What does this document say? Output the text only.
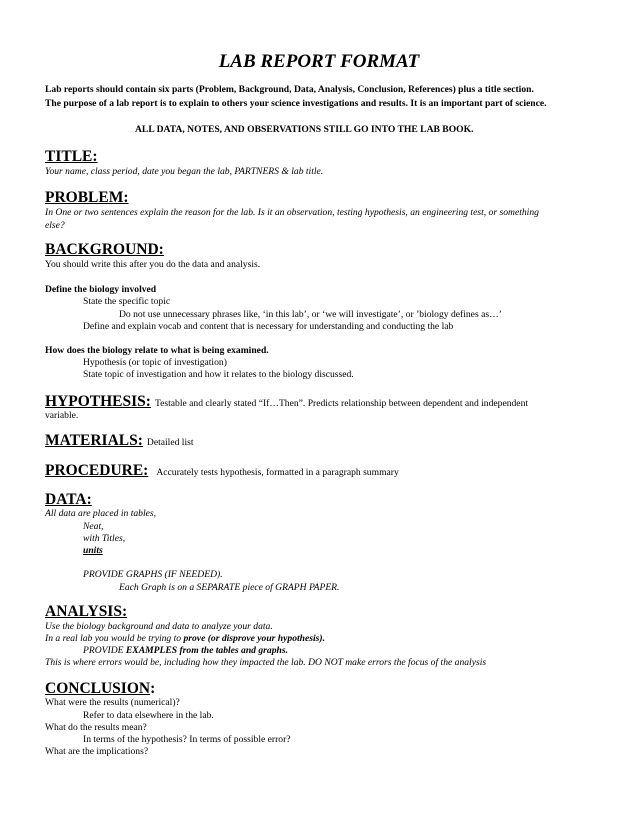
LAB REPORT FORMAT
Lab reports should contain six parts (Problem, Background, Data, Analysis, Conclusion, References) plus a title section.
The purpose of a lab report is to explain to others your science investigations and results. It is an important part of science.
ALL DATA, NOTES, AND OBSERVATIONS STILL GO INTO THE LAB BOOK.
TITLE:
Your name, class period, date you began the lab, PARTNERS & lab title.
PROBLEM:
In One or two sentences explain the reason for the lab. Is it an observation, testing hypothesis, an engineering test, or something
else?
BACKGROUND:
You should write this after you do the data and analysis.
Define the biology involved
State the specific topic
Do not use unnecessary phrases like, ‘in this lab’, or ‘we will investigate’, or ’biology defines as…’
Define and explain vocab and content that is necessary for understanding and conducting the lab
How does the biology relate to what is being examined.
Hypothesis (or topic of investigation)
State topic of investigation and how it relates to the biology discussed.
HYPOTHESIS: Testable and clearly stated “If…Then”. Predicts relationship between dependent and independent
variable.
MATERIALS: Detailed list
PROCEDURE: Accurately tests hypothesis, formatted in a paragraph summary
DATA:
All data are placed in tables,
Neat,
with Titles,
units
PROVIDE GRAPHS (IF NEEDED).
Each Graph is on a SEPARATE piece of GRAPH PAPER.
ANALYSIS:
Use the biology background and data to analyze your data.
In a real lab you would be trying to prove (or disprove your hypothesis).
PROVIDE EXAMPLES from the tables and graphs.
This is where errors would be, including how they impacted the lab. DO NOT make errors the focus of the analysis
CONCLUSION:
What were the results (numerical)?
Refer to data elsewhere in the lab.
What do the results mean?
In terms of the hypothesis? In terms of possible error?
What are the implications?
